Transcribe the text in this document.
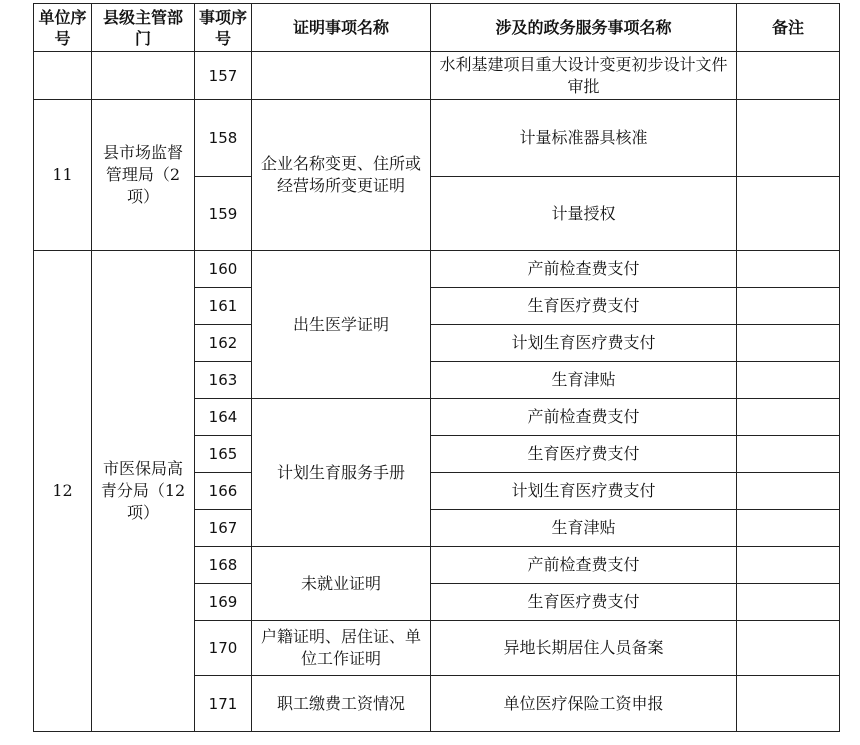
单位序号	县级主管部门	事项序号	证明事项名称	涉及的政务服务事项名称	备注
		157		水利基建项目重大设计变更初步设计文件审批	
11	县市场监督管理局（2项）	158	企业名称变更、住所或经营场所变更证明	计量标准器具核准	
		159		计量授权	
12	市医保局高青分局（12 项）	160	出生医学证明	产前检查费支付	
		161		生育医疗费支付	
		162		计划生育医疗费支付	
		163		生育津贴	
		164	计划生育服务手册	产前检查费支付	
		165		生育医疗费支付	
		166		计划生育医疗费支付	
		167		生育津贴	
		168	未就业证明	产前检查费支付	
		169		生育医疗费支付	
		170	户籍证明、居住证、单位工作证明	异地长期居住人员备案	
		171	职工缴费工资情况	单位医疗保险工资申报	
